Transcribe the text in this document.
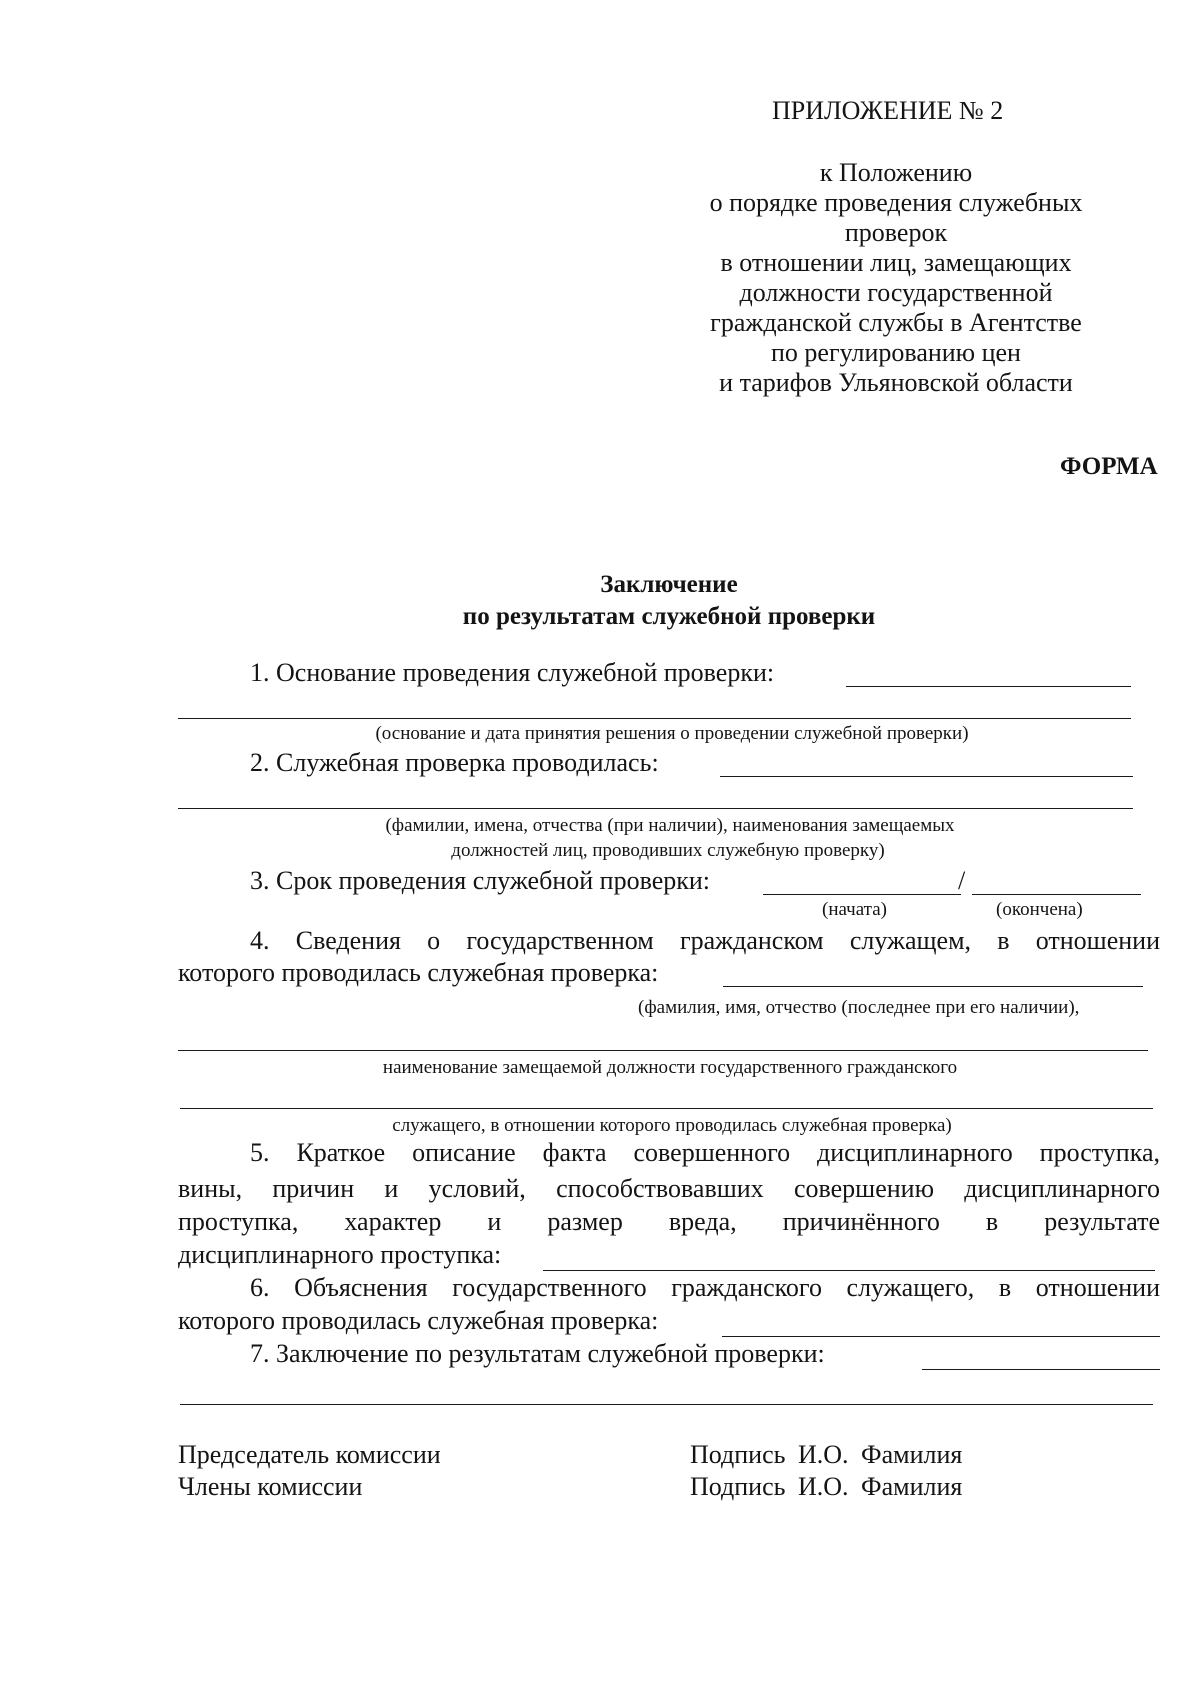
ПРИЛОЖЕНИЕ № 2
к Положению
о порядке проведения служебных
проверок
в отношении лиц, замещающих
должности государственной
гражданской службы в Агентстве
по регулированию цен
и тарифов Ульяновской области
ФОРМА
Заключение
по результатам служебной проверки
1. Основание проведения служебной проверки:
(основание и дата принятия решения о проведении служебной проверки)
2. Служебная проверка проводилась:
(фамилии, имена, отчества (при наличии), наименования замещаемых
должностей лиц, проводивших служебную проверку)
3. Срок проведения служебной проверки:	/
(начата)	(окончена)
4. Сведения о государственном гражданском служащем, в отношении
которого проводилась служебная проверка:
(фамилия, имя, отчество (последнее при его наличии),
наименование замещаемой должности государственного гражданского
служащего, в отношении которого проводилась служебная проверка)
5. Краткое описание факта совершенного дисциплинарного проступка,
вины, причин и условий, способствовавших совершению дисциплинарного
проступка, характер и размер вреда, причинённого в результате
дисциплинарного проступка:
6. Объяснения государственного гражданского служащего, в отношении
которого проводилась служебная проверка:
7. Заключение по результатам служебной проверки:
Председатель комиссии	Подпись И.О. Фамилия
Члены комиссии	Подпись И.О. Фамилия
